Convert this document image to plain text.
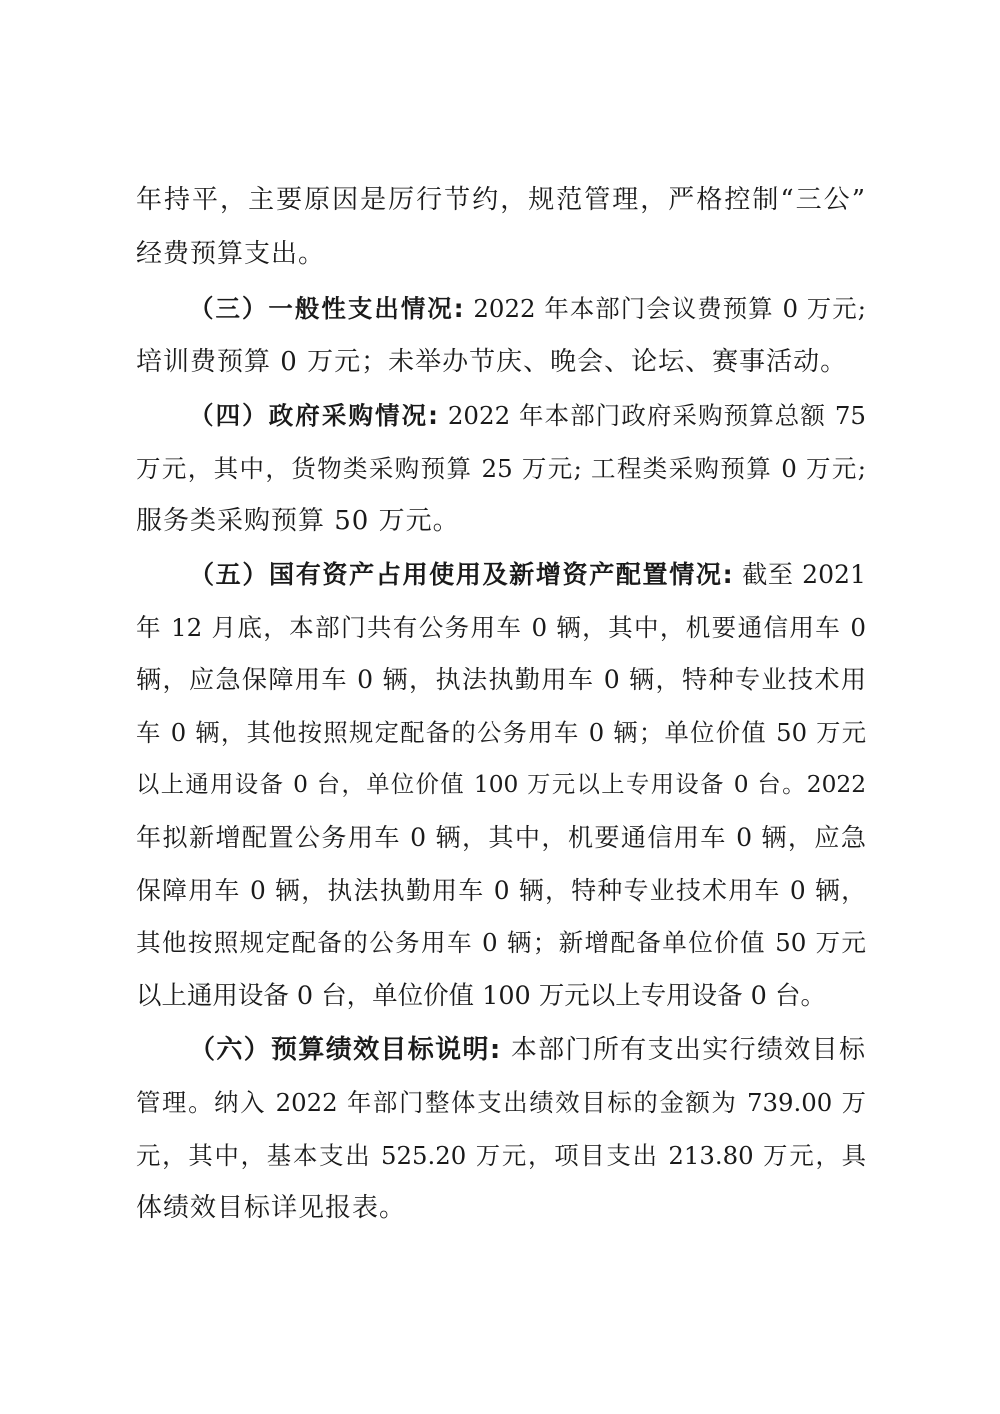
年持平，主要原因是厉行节约，规范管理，严格控制“三公”
经费预算支出。
（三）一般性支出情况: 2022 年本部门会议费预算 0 万元;
培训费预算 0 万元；未举办节庆、晚会、论坛、赛事活动。
（四）政府采购情况: 2022 年本部门政府采购预算总额 75
万元，其中，货物类采购预算 25 万元; 工程类采购预算 0 万元;
服务类采购预算 50 万元。
（五）国有资产占用使用及新增资产配置情况: 截至 2021
年 12 月底，本部门共有公务用车 0 辆，其中，机要通信用车 0
辆，应急保障用车 0 辆，执法执勤用车 0 辆，特种专业技术用
车 0 辆，其他按照规定配备的公务用车 0 辆；单位价值 50 万元
以上通用设备 0 台，单位价值 100 万元以上专用设备 0 台。2022
年拟新增配置公务用车 0 辆，其中，机要通信用车 0 辆，应急
保障用车 0 辆，执法执勤用车 0 辆，特种专业技术用车 0 辆，
其他按照规定配备的公务用车 0 辆；新增配备单位价值 50 万元
以上通用设备 0 台，单位价值 100 万元以上专用设备 0 台。
（六）预算绩效目标说明: 本部门所有支出实行绩效目标
管理。纳入 2022 年部门整体支出绩效目标的金额为 739.00 万
元，其中，基本支出 525.20 万元，项目支出 213.80 万元，具
体绩效目标详见报表。
